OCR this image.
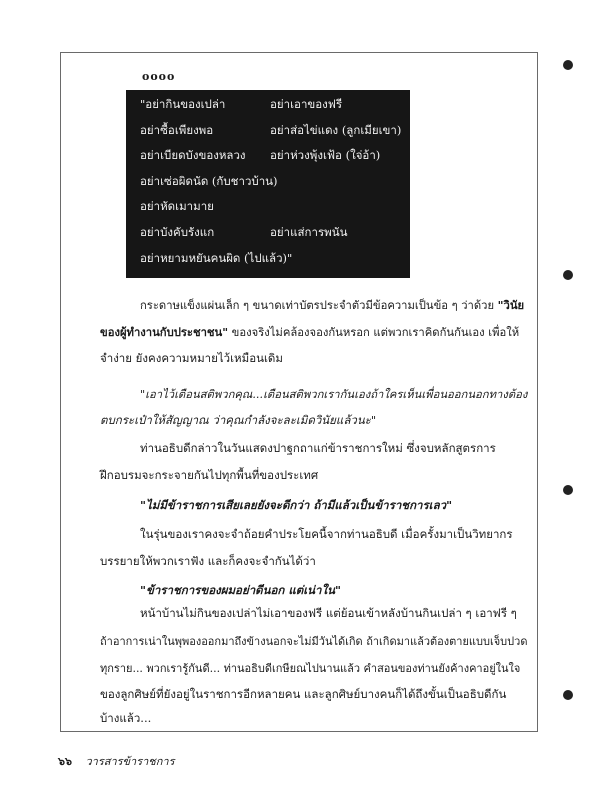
oooo
"อย่ากินของเปล่า	อย่าเอาของฟรี
อย่าซื้อเพียงพอ	อย่าส่อไข่แดง (ลูกเมียเขา)
อย่าเบียดบังของหลวง อย่าห่วงพุ้งเฟ้อ (ใจ่อ้า)
อย่าเซ่อผิดนัด (กับชาวบ้าน)
อย่าหัดเมามาย
อย่าบังคับรังแก	อย่าแส่การพนัน
อย่าหยามหยันคนผิด (ไปแล้ว)"
กระดาษแข็งแผ่นเล็ก ๆ ขนาดเท่าบัตรประจำตัวมีข้อความเป็นข้อ ๆ ว่าด้วย "วินัย
ของผู้ทำงานกับประชาชน" ของจริงไม่คล้องจองกันหรอก แต่พวกเราคิดกันกันเอง เพื่อให้
จำง่าย ยังคงความหมายไว้เหมือนเดิม
"เอาไว้เตือนสติพวกคุณ...เตือนสติพวกเรากันเองถ้าใครเห็นเพื่อนออกนอกทางต้อง
ตบกระเป๋าให้สัญญาณ ว่าคุณกำลังจะละเมิดวินัยแล้วนะ"
ท่านอธิบดีกล่าวในวันแสดงปาฐกถาแก่ข้าราชการใหม่ ซึ่งจบหลักสูตรการ
ฝึกอบรมจะกระจายกันไปทุกพื้นที่ของประเทศ
"ไม่มีข้าราชการเสียเลยยังจะดีกว่า ถ้ามีแล้วเป็นข้าราชการเลว"
ในรุ่นของเราคงจะจำถ้อยคำประโยคนี้จากท่านอธิบดี เมื่อครั้งมาเป็นวิทยากร
บรรยายให้พวกเราฟัง และก็คงจะจำกันได้ว่า
"ข้าราชการของผมอย่าดีนอก แต่เน่าใน"
หน้าบ้านไม่กินของเปล่าไม่เอาของฟรี แต่ย้อนเข้าหลังบ้านกินเปล่า ๆ เอาฟรี ๆ
ถ้าอาการเน่าในพุพองออกมาถึงข้างนอกจะไม่มีวันได้เกิด ถ้าเกิดมาแล้วต้องตายแบบเจ็บปวด
ทุกราย... พวกเรารู้กันดี... ท่านอธิบดีเกษียณไปนานแล้ว คำสอนของท่านยังค้างคาอยู่ในใจ
ของลูกศิษย์ที่ยังอยู่ในราชการอีกหลายคน และลูกศิษย์บางคนก็ได้ถึงขั้นเป็นอธิบดีกัน
บ้างแล้ว...
๖๖ วารสารข้าราชการ
